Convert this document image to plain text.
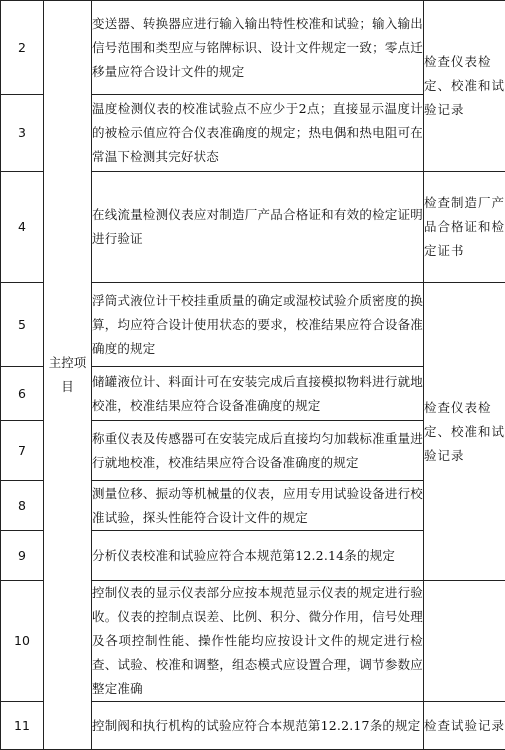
2	主控项目	变送器、转换器应进行输入输出特性校准和试验；输入输出信号范围和类型应与铭牌标识、设计文件规定一致；零点迁移量应符合设计文件的规定	检查仪表检定、校准和试验记录
3		温度检测仪表的校准试验点不应少于2点；直接显示温度计的被检示值应符合仪表准确度的规定；热电偶和热电阻可在常温下检测其完好状态	
4		在线流量检测仪表应对制造厂产品合格证和有效的检定证明进行验证	检查制造厂产品合格证和检定证书
5		浮筒式液位计干校挂重质量的确定或湿校试验介质密度的换算，均应符合设计使用状态的要求，校准结果应符合设备准确度的规定	检查仪表检定、校准和试验记录
6		储罐液位计、料面计可在安装完成后直接模拟物料进行就地校准，校准结果应符合设备准确度的规定	
7		称重仪表及传感器可在安装完成后直接均匀加载标准重量进行就地校准，校准结果应符合设备准确度的规定	
8		测量位移、振动等机械量的仪表，应用专用试验设备进行校准试验，探头性能符合设计文件的规定	
9		分析仪表校准和试验应符合本规范第12.2.14条的规定	
10		控制仪表的显示仪表部分应按本规范显示仪表的规定进行验收。仪表的控制点误差、比例、积分、微分作用，信号处理及各项控制性能、操作性能均应按设计文件的规定进行检查、试验、校准和调整，组态模式应设置合理，调节参数应整定准确	
11		控制阀和执行机构的试验应符合本规范第12.2.17条的规定	检查试验记录
